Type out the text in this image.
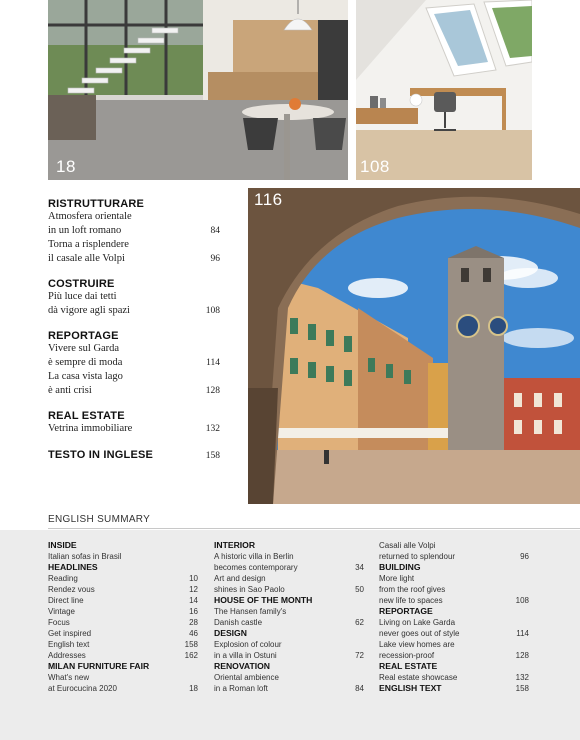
18	108
116
RISTRUTTURARE
Atmosfera orientale
in un loft romano	84
Torna a risplendere
il casale alle Volpi	96
COSTRUIRE
Più luce dai tetti
dà vigore agli spazi	108
REPORTAGE
Vivere sul Garda
è sempre di moda	114
La casa vista lago
è anti crisi	128
REAL ESTATE
Vetrina immobiliare	132
TESTO IN INGLESE	158
ENGLISH SUMMARY
INSIDE
Italian sofas in Brasil
HEADLINES
Reading	10
Rendez vous	12
Direct line	14
Vintage	16
Focus	28
Get inspired	46
English text	158
Addresses	162
MILAN FURNITURE FAIR
What's new
at Eurocucina 2020	18
INTERIOR
A historic villa in Berlin
becomes contemporary	34
Art and design
shines in Sao Paolo	50
HOUSE OF THE MONTH
The Hansen family's
Danish castle	62
DESIGN
Explosion of colour
in a villa in Ostuni	72
RENOVATION
Oriental ambience
in a Roman loft	84
Casali alle Volpi
returned to splendour	96
BUILDING
More light
from the roof gives
new life to spaces	108
REPORTAGE
Living on Lake Garda
never goes out of style	114
Lake view homes are
recession-proof	128
REAL ESTATE
Real estate showcase	132
ENGLISH TEXT	158
